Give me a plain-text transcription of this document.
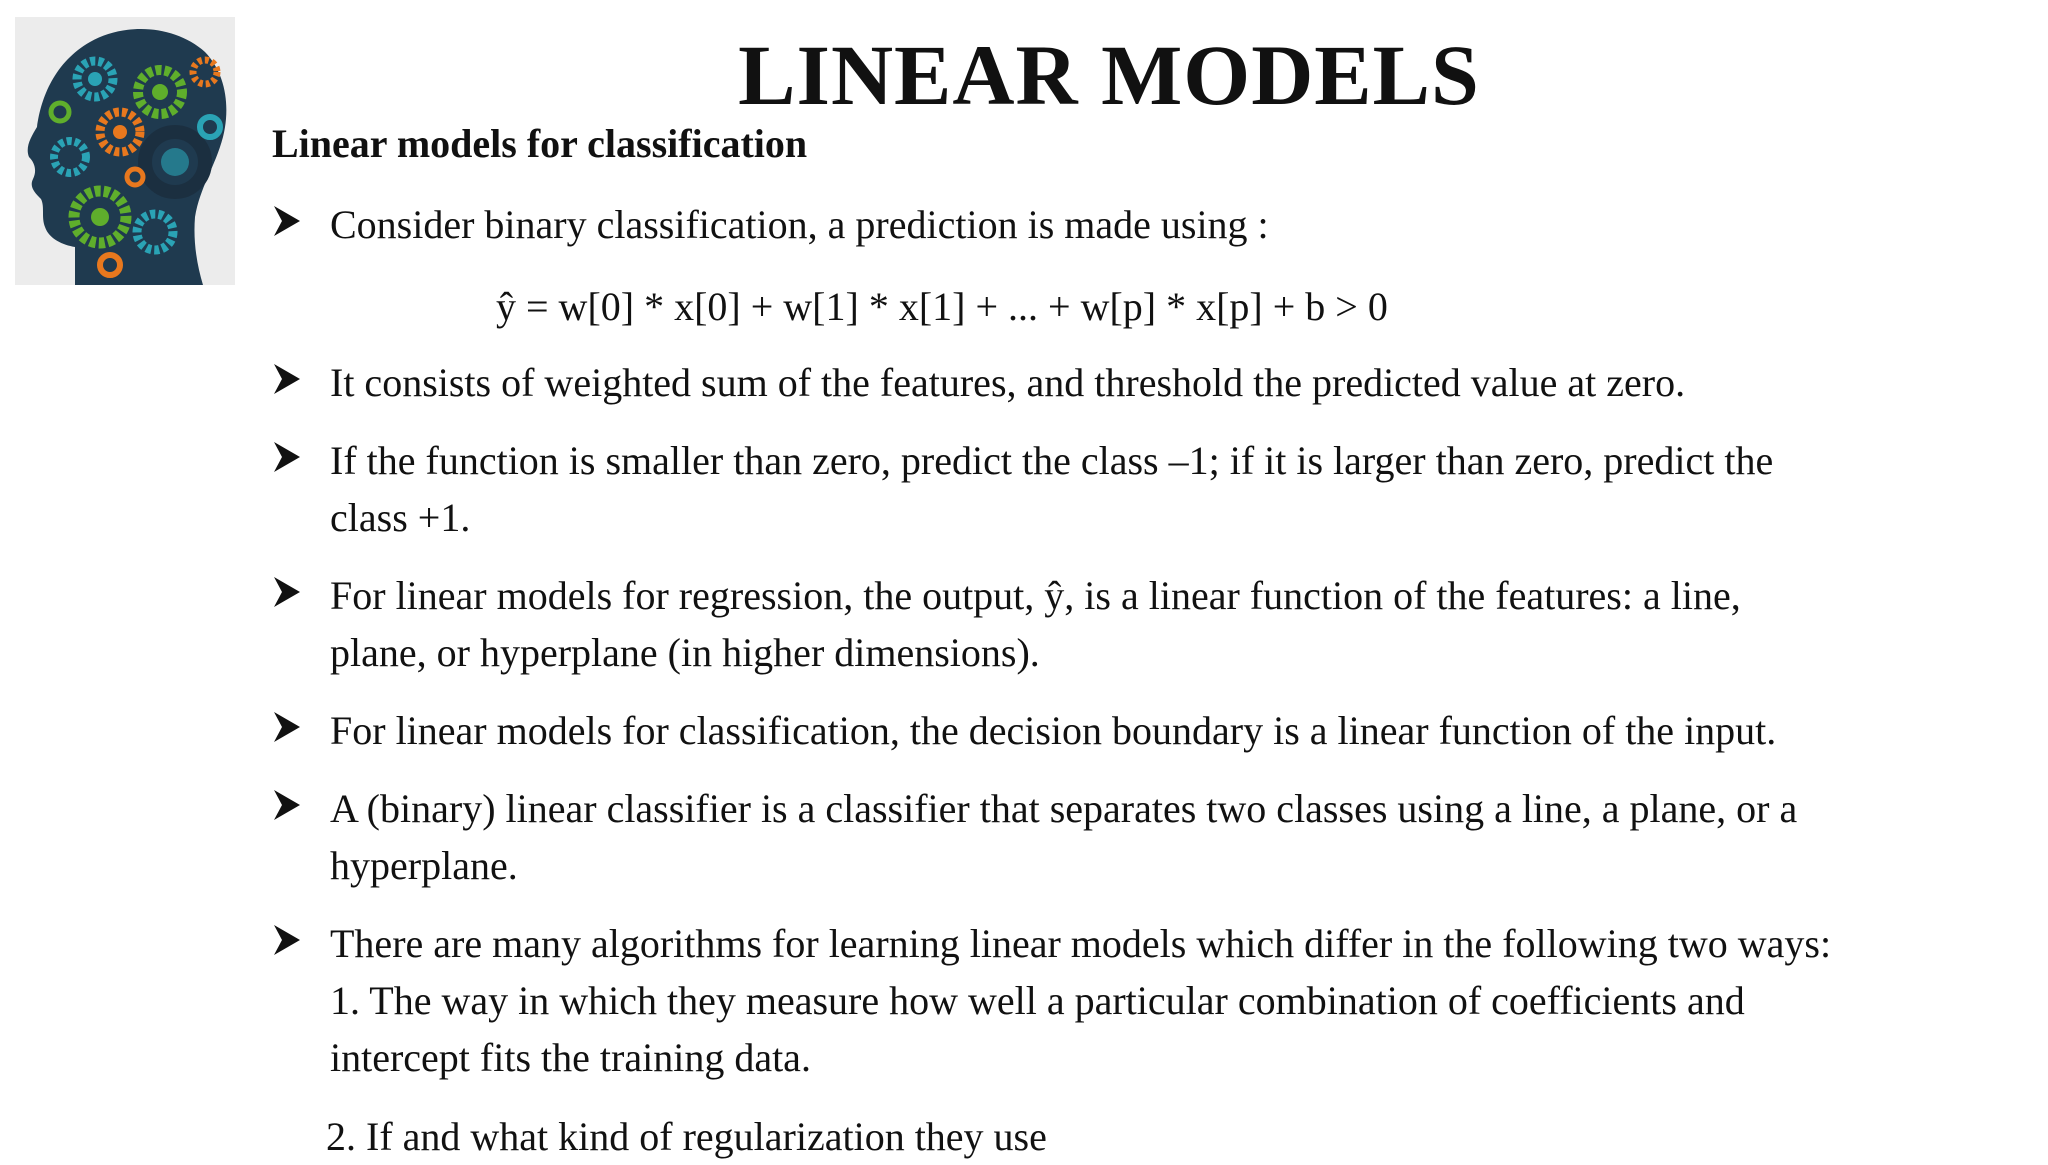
LINEAR MODELS
Linear models for classification
Consider binary classification, a prediction is made using :
ŷ = w[0] * x[0] + w[1] * x[1] + ... + w[p] * x[p] + b > 0
It consists of weighted sum of the features, and threshold the predicted value at zero.
If the function is smaller than zero, predict the class –1; if it is larger than zero, predict the
class +1.
For linear models for regression, the output, ŷ, is a linear function of the features: a line,
plane, or hyperplane (in higher dimensions).
For linear models for classification, the decision boundary is a linear function of the input.
A (binary) linear classifier is a classifier that separates two classes using a line, a plane, or a
hyperplane.
There are many algorithms for learning linear models which differ in the following two ways:
1. The way in which they measure how well a particular combination of coefficients and
intercept fits the training data.
2. If and what kind of regularization they use
